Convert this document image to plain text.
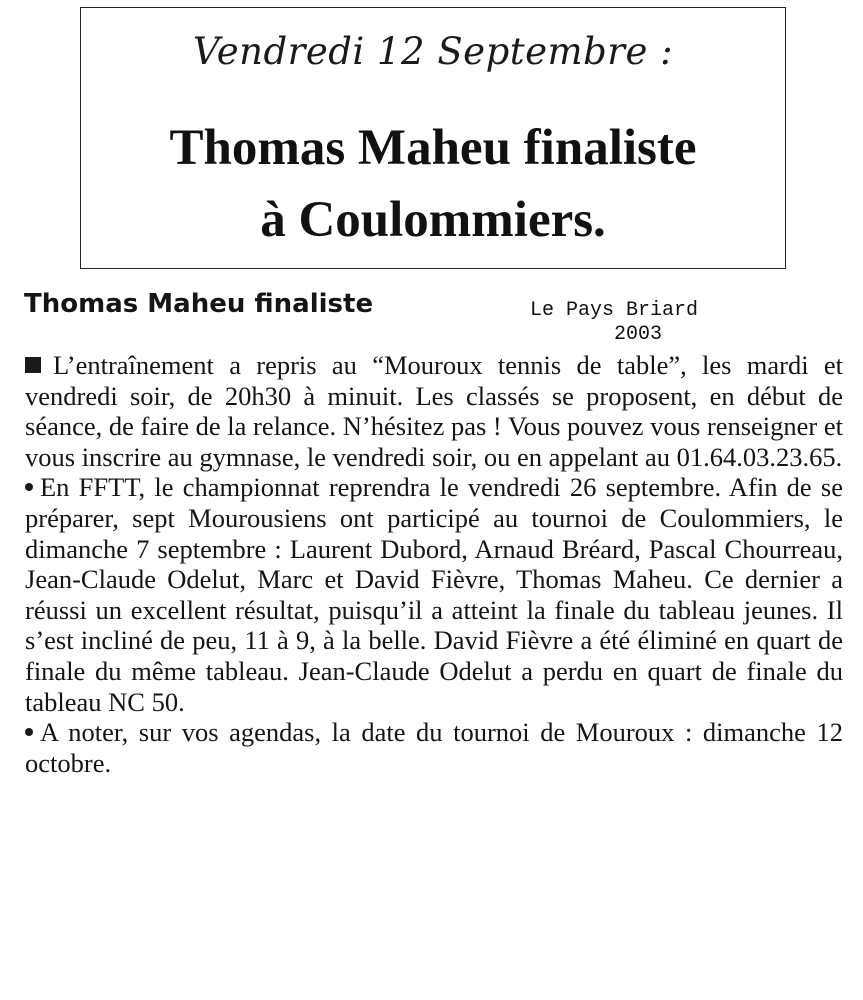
Vendredi 12 Septembre :
Thomas Maheu finaliste
à Coulommiers.
Thomas Maheu finaliste	Le Pays Briard
2003

L’entraînement a repris au “Mouroux tennis de table”, les mardi et vendredi soir, de 20h30 à minuit. Les classés se proposent, en début de séance, de faire de la relance. N’hésitez pas ! Vous pouvez vous renseigner et vous inscrire au gymnase, le vendredi soir, ou en appelant au 01.64.03.23.65.

En FFTT, le championnat reprendra le vendredi 26 septembre. Afin de se préparer, sept Mourousiens ont participé au tournoi de Coulommiers, le dimanche 7 septembre : Laurent Dubord, Arnaud Bréard, Pascal Chourreau, Jean-Claude Odelut, Marc et David Fièvre, Thomas Maheu. Ce dernier a réussi un excellent résultat, puisqu’il a atteint la finale du tableau jeunes. Il s’est incliné de peu, 11 à 9, à la belle. David Fièvre a été éliminé en quart de finale du même tableau. Jean-Claude Odelut a perdu en quart de finale du tableau NC 50.

A noter, sur vos agendas, la date du tournoi de Mouroux : dimanche 12 octobre.
